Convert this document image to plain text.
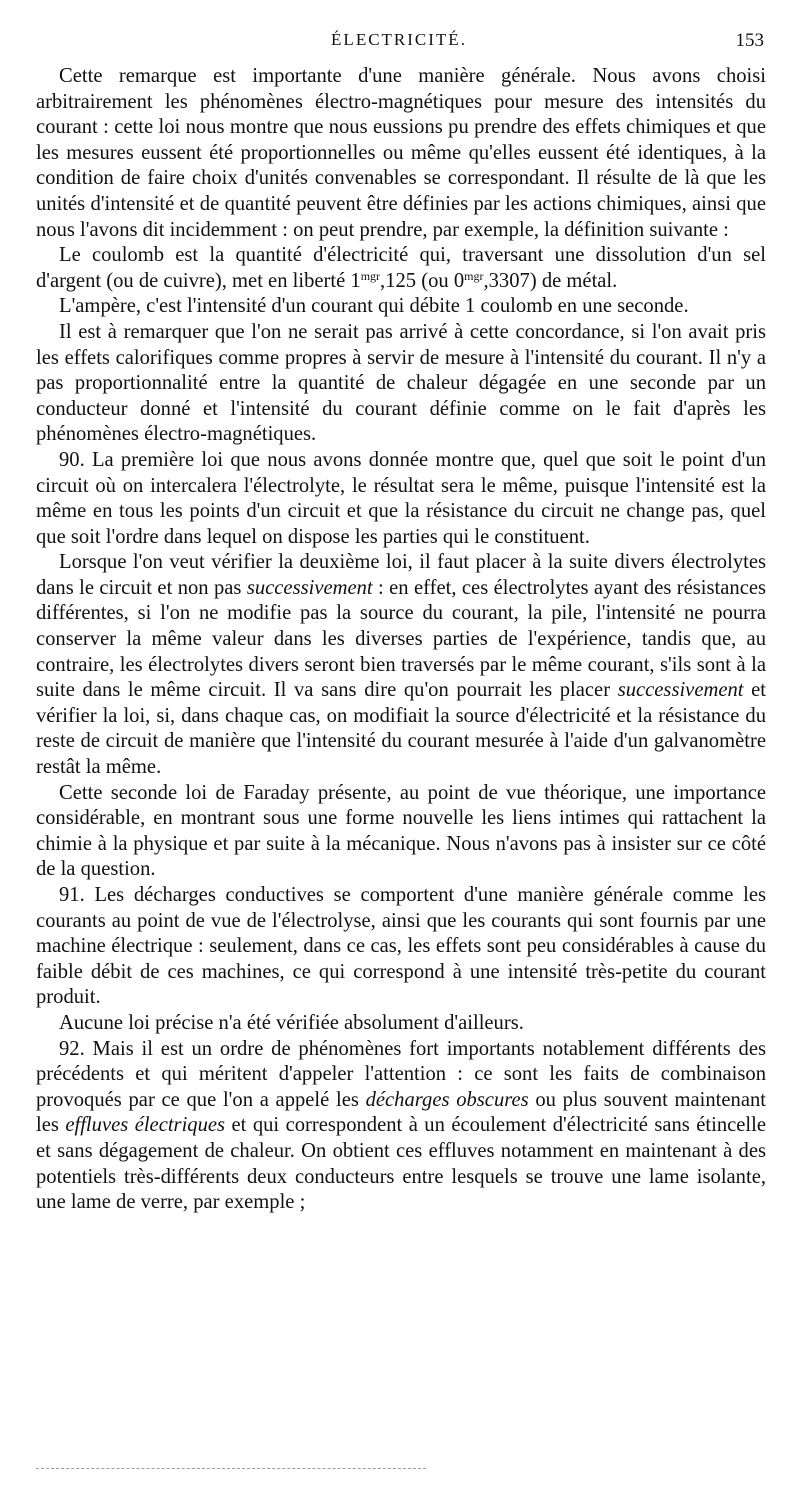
ÉLECTRICITÉ.	153

Cette remarque est importante d'une manière générale. Nous avons choisi arbitrairement les phénomènes électro-magnétiques pour mesure des intensités du courant : cette loi nous montre que nous eussions pu prendre des effets chimiques et que les mesures eussent été proportionnelles ou même qu'elles eussent été identiques, à la condition de faire choix d'unités convenables se correspondant. Il résulte de là que les unités d'intensité et de quantité peuvent être définies par les actions chimiques, ainsi que nous l'avons dit incidemment : on peut prendre, par exemple, la définition suivante :

Le coulomb est la quantité d'électricité qui, traversant une dissolution d'un sel d'argent (ou de cuivre), met en liberté $1^{mgr},125$ (ou $0^{mgr},3307$) de métal.

L'ampère, c'est l'intensité d'un courant qui débite 1 coulomb en une seconde.

Il est à remarquer que l'on ne serait pas arrivé à cette concordance, si l'on avait pris les effets calorifiques comme propres à servir de mesure à l'intensité du courant. Il n'y a pas proportionnalité entre la quantité de chaleur dégagée en une seconde par un conducteur donné et l'intensité du courant définie comme on le fait d'après les phénomènes électro-magnétiques.

90. La première loi que nous avons donnée montre que, quel que soit le point d'un circuit où on intercalera l'électrolyte, le résultat sera le même, puisque l'intensité est la même en tous les points d'un circuit et que la résistance du circuit ne change pas, quel que soit l'ordre dans lequel on dispose les parties qui le constituent.

Lorsque l'on veut vérifier la deuxième loi, il faut placer à la suite divers électrolytes dans le circuit et non pas successivement : en effet, ces électrolytes ayant des résistances différentes, si l'on ne modifie pas la source du courant, la pile, l'intensité ne pourra conserver la même valeur dans les diverses parties de l'expérience, tandis que, au contraire, les électrolytes divers seront bien traversés par le même courant, s'ils sont à la suite dans le même circuit. Il va sans dire qu'on pourrait les placer successivement et vérifier la loi, si, dans chaque cas, on modifiait la source d'électricité et la résistance du reste de circuit de manière que l'intensité du courant mesurée à l'aide d'un galvanomètre restât la même.

Cette seconde loi de Faraday présente, au point de vue théorique, une importance considérable, en montrant sous une forme nouvelle les liens intimes qui rattachent la chimie à la physique et par suite à la mécanique. Nous n'avons pas à insister sur ce côté de la question.

91. Les décharges conductives se comportent d'une manière générale comme les courants au point de vue de l'électrolyse, ainsi que les courants qui sont fournis par une machine électrique : seulement, dans ce cas, les effets sont peu considérables à cause du faible débit de ces machines, ce qui correspond à une intensité très-petite du courant produit.

Aucune loi précise n'a été vérifiée absolument d'ailleurs.

92. Mais il est un ordre de phénomènes fort importants notablement différents des précédents et qui méritent d'appeler l'attention : ce sont les faits de combinaison provoqués par ce que l'on a appelé les décharges obscures ou plus souvent maintenant les effluves électriques et qui correspondent à un écoulement d'électricité sans étincelle et sans dégagement de chaleur. On obtient ces effluves notamment en maintenant à des potentiels très-différents deux conducteurs entre lesquels se trouve une lame isolante, une lame de verre, par exemple ;
